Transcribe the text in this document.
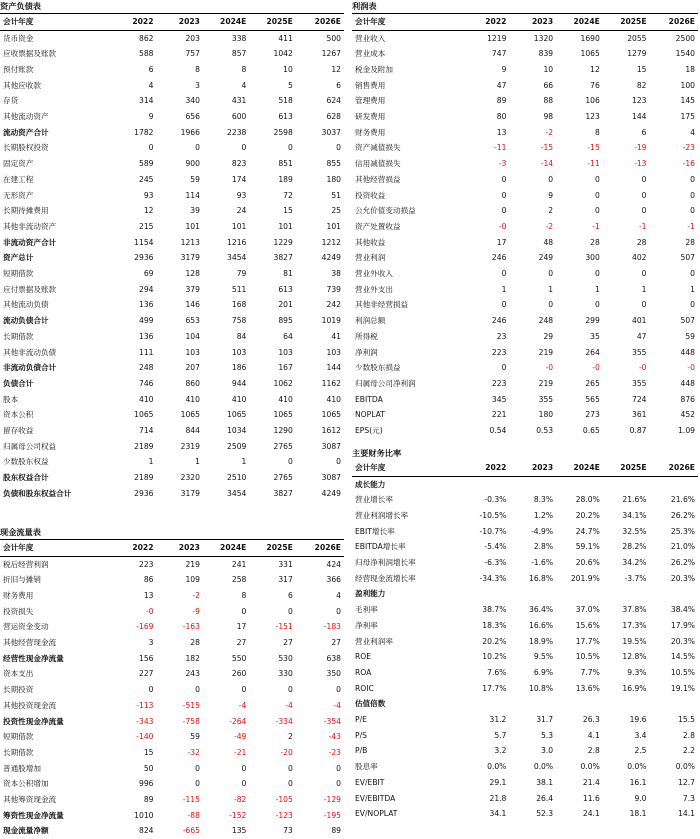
资产负债表
会计年度	2022	2023	2024E	2025E	2026E
货币资金	862	203	338	411	500
应收票据及账款	588	757	857	1042	1267
预付账款	6	8	8	10	12
其他应收款	4	3	4	5	6
存货	314	340	431	518	624
其他流动资产	9	656	600	613	628
流动资产合计	1782	1966	2238	2598	3037
长期股权投资	0	0	0	0	0
固定资产	589	900	823	851	855
在建工程	245	59	174	189	180
无形资产	93	114	93	72	51
长期待摊费用	12	39	24	15	25
其他非流动资产	215	101	101	101	101
非流动资产合计	1154	1213	1216	1229	1212
资产总计	2936	3179	3454	3827	4249
短期借款	69	128	79	81	38
应付票据及账款	294	379	511	613	739
其他流动负债	136	146	168	201	242
流动负债合计	499	653	758	895	1019
长期借款	136	104	84	64	41
其他非流动负债	111	103	103	103	103
非流动负债合计	248	207	186	167	144
负债合计	746	860	944	1062	1162
股本	410	410	410	410	410
资本公积	1065	1065	1065	1065	1065
留存收益	714	844	1034	1290	1612
归属母公司权益	2189	2319	2509	2765	3087
少数股东权益	1	1	1	0	0
股东权益合计	2189	2320	2510	2765	3087
负债和股东权益合计	2936	3179	3454	3827	4249
现金流量表
会计年度	2022	2023	2024E	2025E	2026E
税后经营利润	223	219	241	331	424
折旧与摊销	86	109	258	317	366
财务费用	13	-2	8	6	4
投资损失	-0	-9	0	0	0
营运资金变动	-169	-163	17	-151	-183
其他经营现金流	3	28	27	27	27
经营性现金净流量	156	182	550	530	638
资本支出	227	243	260	330	350
长期投资	0	0	0	0	0
其他投资现金流	-113	-515	-4	-4	-4
投资性现金净流量	-343	-758	-264	-334	-354
短期借款	-140	59	-49	2	-43
长期借款	15	-32	-21	-20	-23
普通股增加	50	0	0	0	0
资本公积增加	996	0	0	0	0
其他筹资现金流	89	-115	-82	-105	-129
筹资性现金净流量	1010	-88	-152	-123	-195
现金流量净额	824	-665	135	73	89
利润表
会计年度	2022	2023	2024E	2025E	2026E
营业收入	1219	1320	1690	2055	2500
营业成本	747	839	1065	1279	1540
税金及附加	9	10	12	15	18
销售费用	47	66	76	82	100
管理费用	89	88	106	123	145
研发费用	80	98	123	144	175
财务费用	13	-2	8	6	4
资产减值损失	-11	-15	-15	-19	-23
信用减值损失	-3	-14	-11	-13	-16
其他经营损益	0	0	0	0	0
投资收益	0	9	0	0	0
公允价值变动损益	0	2	0	0	0
资产处置收益	-0	-2	-1	-1	-1
其他收益	17	48	28	28	28
营业利润	246	249	300	402	507
营业外收入	0	0	0	0	0
营业外支出	1	1	1	1	1
其他非经营损益	0	0	0	0	0
利润总额	246	248	299	401	507
所得税	23	29	35	47	59
净利润	223	219	264	355	448
少数股东损益	0	-0	-0	-0	-0
归属母公司净利润	223	219	265	355	448
EBITDA	345	355	565	724	876
NOPLAT	221	180	273	361	452
EPS(元)	0.54	0.53	0.65	0.87	1.09
主要财务比率
会计年度	2022	2023	2024E	2025E	2026E
成长能力					
营业增长率	-0.3%	8.3%	28.0%	21.6%	21.6%
营业利润增长率	-10.5%	1.2%	20.2%	34.1%	26.2%
EBIT增长率	-10.7%	-4.9%	24.7%	32.5%	25.3%
EBITDA增长率	-5.4%	2.8%	59.1%	28.2%	21.0%
归母净利润增长率	-6.3%	-1.6%	20.6%	34.2%	26.2%
经营现金流增长率	-34.3%	16.8%	201.9%	-3.7%	20.3%
盈利能力					
毛利率	38.7%	36.4%	37.0%	37.8%	38.4%
净利率	18.3%	16.6%	15.6%	17.3%	17.9%
营业利润率	20.2%	18.9%	17.7%	19.5%	20.3%
ROE	10.2%	9.5%	10.5%	12.8%	14.5%
ROA	7.6%	6.9%	7.7%	9.3%	10.5%
ROIC	17.7%	10.8%	13.6%	16.9%	19.1%
估值倍数					
P/E	31.2	31.7	26.3	19.6	15.5
P/S	5.7	5.3	4.1	3.4	2.8
P/B	3.2	3.0	2.8	2.5	2.2
股息率	0.0%	0.0%	0.0%	0.0%	0.0%
EV/EBIT	29.1	38.1	21.4	16.1	12.7
EV/EBITDA	21.8	26.4	11.6	9.0	7.3
EV/NOPLAT	34.1	52.3	24.1	18.1	14.1
